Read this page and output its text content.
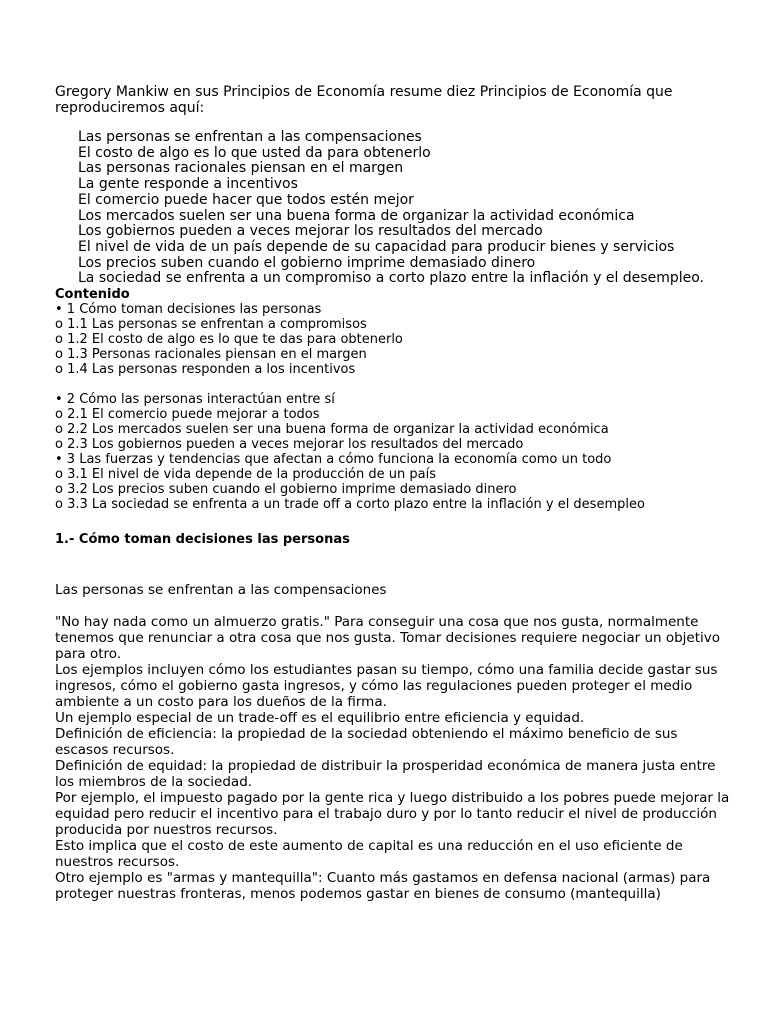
Gregory Mankiw en sus Principios de Economía resume diez Principios de Economía que reproduciremos aquí:

Las personas se enfrentan a las compensaciones
El costo de algo es lo que usted da para obtenerlo
Las personas racionales piensan en el margen
La gente responde a incentivos
El comercio puede hacer que todos estén mejor
Los mercados suelen ser una buena forma de organizar la actividad económica
Los gobiernos pueden a veces mejorar los resultados del mercado
El nivel de vida de un país depende de su capacidad para producir bienes y servicios
Los precios suben cuando el gobierno imprime demasiado dinero
La sociedad se enfrenta a un compromiso a corto plazo entre la inflación y el desempleo.
Contenido
• 1 Cómo toman decisiones las personas
o 1.1 Las personas se enfrentan a compromisos
o 1.2 El costo de algo es lo que te das para obtenerlo
o 1.3 Personas racionales piensan en el margen
o 1.4 Las personas responden a los incentivos
• 2 Cómo las personas interactúan entre sí
o 2.1 El comercio puede mejorar a todos
o 2.2 Los mercados suelen ser una buena forma de organizar la actividad económica
o 2.3 Los gobiernos pueden a veces mejorar los resultados del mercado
• 3 Las fuerzas y tendencias que afectan a cómo funciona la economía como un todo
o 3.1 El nivel de vida depende de la producción de un país
o 3.2 Los precios suben cuando el gobierno imprime demasiado dinero
o 3.3 La sociedad se enfrenta a un trade off a corto plazo entre la inflación y el desempleo
1.- Cómo toman decisiones las personas
Las personas se enfrentan a las compensaciones

"No hay nada como un almuerzo gratis." Para conseguir una cosa que nos gusta, normalmente tenemos que renunciar a otra cosa que nos gusta. Tomar decisiones requiere negociar un objetivo para otro.

Los ejemplos incluyen cómo los estudiantes pasan su tiempo, cómo una familia decide gastar sus ingresos, cómo el gobierno gasta ingresos, y cómo las regulaciones pueden proteger el medio ambiente a un costo para los dueños de la firma.

Un ejemplo especial de un trade-off es el equilibrio entre eficiencia y equidad.

Definición de eficiencia: la propiedad de la sociedad obteniendo el máximo beneficio de sus escasos recursos.

Definición de equidad: la propiedad de distribuir la prosperidad económica de manera justa entre los miembros de la sociedad.

Por ejemplo, el impuesto pagado por la gente rica y luego distribuido a los pobres puede mejorar la equidad pero reducir el incentivo para el trabajo duro y por lo tanto reducir el nivel de producción producida por nuestros recursos.

Esto implica que el costo de este aumento de capital es una reducción en el uso eficiente de nuestros recursos.

Otro ejemplo es "armas y mantequilla": Cuanto más gastamos en defensa nacional (armas) para proteger nuestras fronteras, menos podemos gastar en bienes de consumo (mantequilla)
